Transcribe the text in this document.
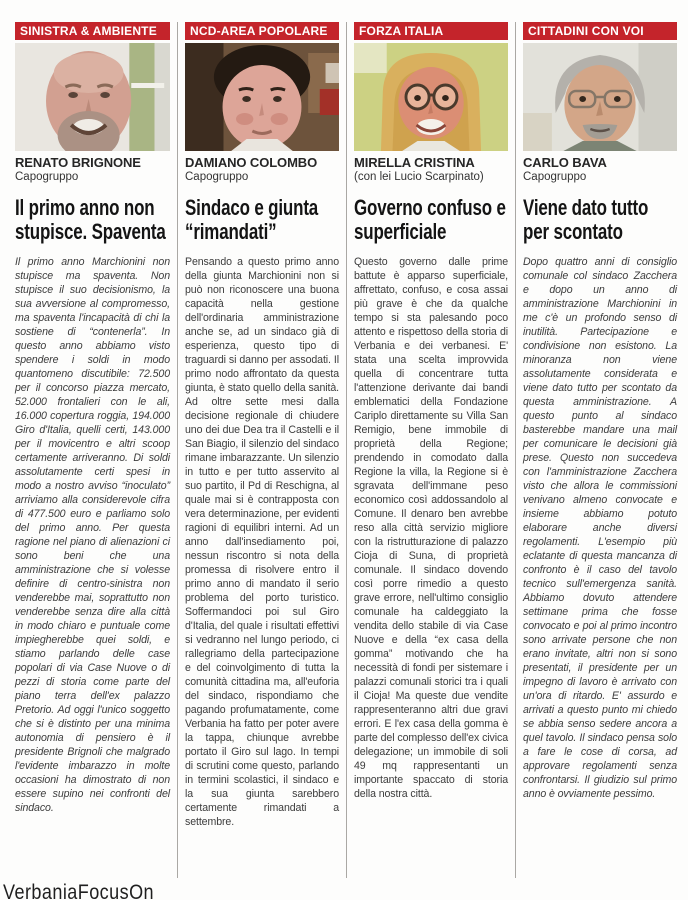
SINISTRA & AMBIENTE
RENATO BRIGNONE
Capogruppo
Il primo anno non stupisce. Spaventa

Il primo anno Marchionini non stupisce ma spaventa. Non stupisce il suo decisionismo, la sua avversione al compromesso, ma spaventa l'incapacità di chi la sostiene di “contenerla”. In questo anno abbiamo visto spendere i soldi in modo quantomeno discutibile: 72.500 per il concorso piazza mercato, 52.000 frontalieri con le ali, 16.000 copertura roggia, 194.000 Giro d'Italia, quelli certi, 143.000 per il movicentro e altri scoop certamente arriveranno. Di soldi assolutamente certi spesi in modo a nostro avviso “inoculato” arriviamo alla considerevole cifra di 477.500 euro e parliamo solo del primo anno. Per questa ragione nel piano di alienazioni ci sono beni che una amministrazione che si volesse definire di centro-sinistra non venderebbe mai, soprattutto non venderebbe senza dire alla città in modo chiaro e puntuale come impiegherebbe quei soldi, e stiamo parlando delle case popolari di via Case Nuove o di pezzi di storia come parte del piano terra dell'ex palazzo Pretorio. Ad oggi l'unico soggetto che si è distinto per una minima autonomia di pensiero è il presidente Brignoli che malgrado l'evidente imbarazzo in molte occasioni ha dimostrato di non essere supino nei confronti del sindaco.

NCD-AREA POPOLARE
DAMIANO COLOMBO
Capogruppo
Sindaco e giunta “rimandati”

Pensando a questo primo anno della giunta Marchionini non si può non riconoscere una buona capacità nella gestione dell'ordinaria amministrazione anche se, ad un sindaco già di esperienza, questo tipo di traguardi si danno per assodati. Il primo nodo affrontato da questa giunta, è stato quello della sanità. Ad oltre sette mesi dalla decisione regionale di chiudere uno dei due Dea tra il Castelli e il San Biagio, il silenzio del sindaco rimane imbarazzante. Un silenzio in tutto e per tutto asservito al suo partito, il Pd di Reschigna, al quale mai si è contrapposta con vera determinazione, per evidenti ragioni di equilibri interni. Ad un anno dall'insediamento poi, nessun riscontro si nota della promessa di risolvere entro il primo anno di mandato il serio problema del porto turistico. Soffermandoci poi sul Giro d'Italia, del quale i risultati effettivi si vedranno nel lungo periodo, ci rallegriamo della partecipazione e del coinvolgimento di tutta la comunità cittadina ma, all'euforia del sindaco, rispondiamo che pagando profumatamente, come Verbania ha fatto per poter avere la tappa, chiunque avrebbe portato il Giro sul lago. In tempi di scrutini come questo, parlando in termini scolastici, il sindaco e la sua giunta sarebbero certamente rimandati a settembre.

FORZA ITALIA
MIRELLA CRISTINA
(con lei Lucio Scarpinato)
Governo confuso e superficiale

Questo governo dalle prime battute è apparso superficiale, affrettato, confuso, e cosa assai più grave è che da qualche tempo si sta palesando poco attento e rispettoso della storia di Verbania e dei verbanesi. E' stata una scelta improvvida quella di concentrare tutta l'attenzione derivante dai bandi emblematici della Fondazione Cariplo direttamente su Villa San Remigio, bene immobile di proprietà della Regione; prendendo in comodato dalla Regione la villa, la Regione si è sgravata dell'immane peso economico così addossandolo al Comune. Il denaro ben avrebbe reso alla città servizio migliore con la ristrutturazione di palazzo Cioja di Suna, di proprietà comunale. Il sindaco dovendo così porre rimedio a questo grave errore, nell'ultimo consiglio comunale ha caldeggiato la vendita dello stabile di via Case Nuove e della “ex casa della gomma” motivando che ha necessità di fondi per sistemare i palazzi comunali storici tra i quali il Cioja! Ma queste due vendite rappresenteranno altri due gravi errori. E l'ex casa della gomma è parte del complesso dell'ex civica delegazione; un immobile di soli 49 mq rappresentanti un importante spaccato di storia della nostra città.

CITTADINI CON VOI
CARLO BAVA
Capogruppo
Viene dato tutto per scontato

Dopo quattro anni di consiglio comunale col sindaco Zacchera e dopo un anno di amministrazione Marchionini in me c'è un profondo senso di inutilità. Partecipazione e condivisione non esistono. La minoranza non viene assolutamente considerata e viene dato tutto per scontato da questa amministrazione. A questo punto al sindaco basterebbe mandare una mail per comunicare le decisioni già prese. Questo non succedeva con l'amministrazione Zacchera visto che allora le commissioni venivano almeno convocate e insieme abbiamo potuto elaborare anche diversi regolamenti. L'esempio più eclatante di questa mancanza di confronto è il caso del tavolo tecnico sull'emergenza sanità. Abbiamo dovuto attendere settimane prima che fosse convocato e poi al primo incontro sono arrivate persone che non erano invitate, altri non si sono presentati, il presidente per un impegno di lavoro è arrivato con un'ora di ritardo. E' assurdo e arrivati a questo punto mi chiedo se abbia senso sedere ancora a quel tavolo. Il sindaco pensa solo a fare le cose di corsa, ad approvare regolamenti senza confrontarsi. Il giudizio sul primo anno è ovviamente pessimo.

VerbaniaFocusOn
